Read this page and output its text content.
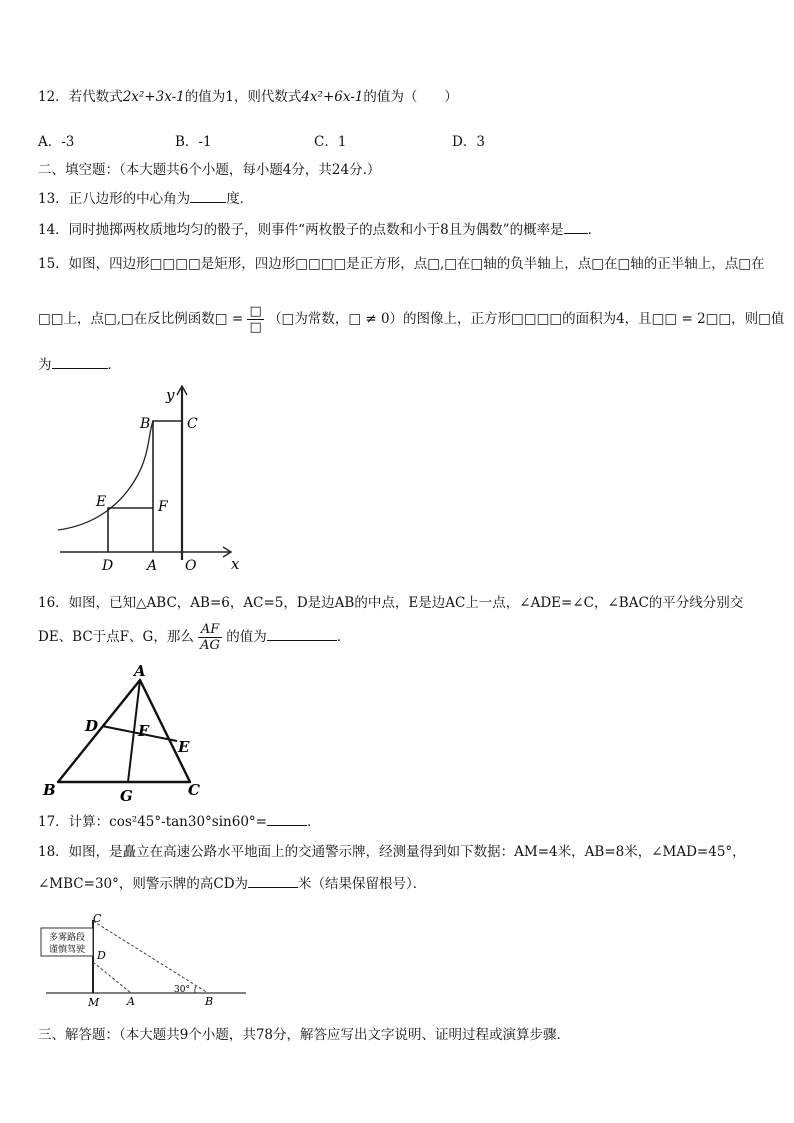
12．若代数式2x²+3x-1的值为1，则代数式4x²+6x-1的值为（　　）
A．-3	B．-1	C．1	D．3
二、填空题：（本大题共6个小题，每小题4分，共24分.）
13．正八边形的中心角为	度．
14．同时抛掷两枚质地均匀的骰子，则事件“两枚骰子的点数和小于8且为偶数”的概率是 ．
15．如图，四边形□□□□是矩形，四边形□□□□是正方形，点□,□在□轴的负半轴上，点□在□轴的正半轴上，点□在
□□上，点□,□在反比例函数□ = $\frac{□}{□}$ （□为常数，□ ≠ 0）的图像上，正方形□□□□的面积为4，且□□ = 2□□，则□值
为	．
y
x
B	C
E	F
D A O
16．如图，已知△ABC，AB=6，AC=5，D是边AB的中点，E是边AC上一点，∠ADE=∠C，∠BAC的平分线分别交
DE、BC于点F、G，那么 $\frac{AF}{AG}$ 的值为	．
A
D	F
E
B	G	C
17．计算：cos²45°-tan30°sin60°=	．
18．如图，是矗立在高速公路水平地面上的交通警示牌，经测量得到如下数据：AM=4米，AB=8米，∠MAD=45°，
∠MBC=30°，则警示牌的高CD为	米（结果保留根号）．
多雾路段
谨慎驾驶
C
D
M	A	B
30°
三、解答题：（本大题共9个小题，共78分，解答应写出文字说明、证明过程或演算步骤．
